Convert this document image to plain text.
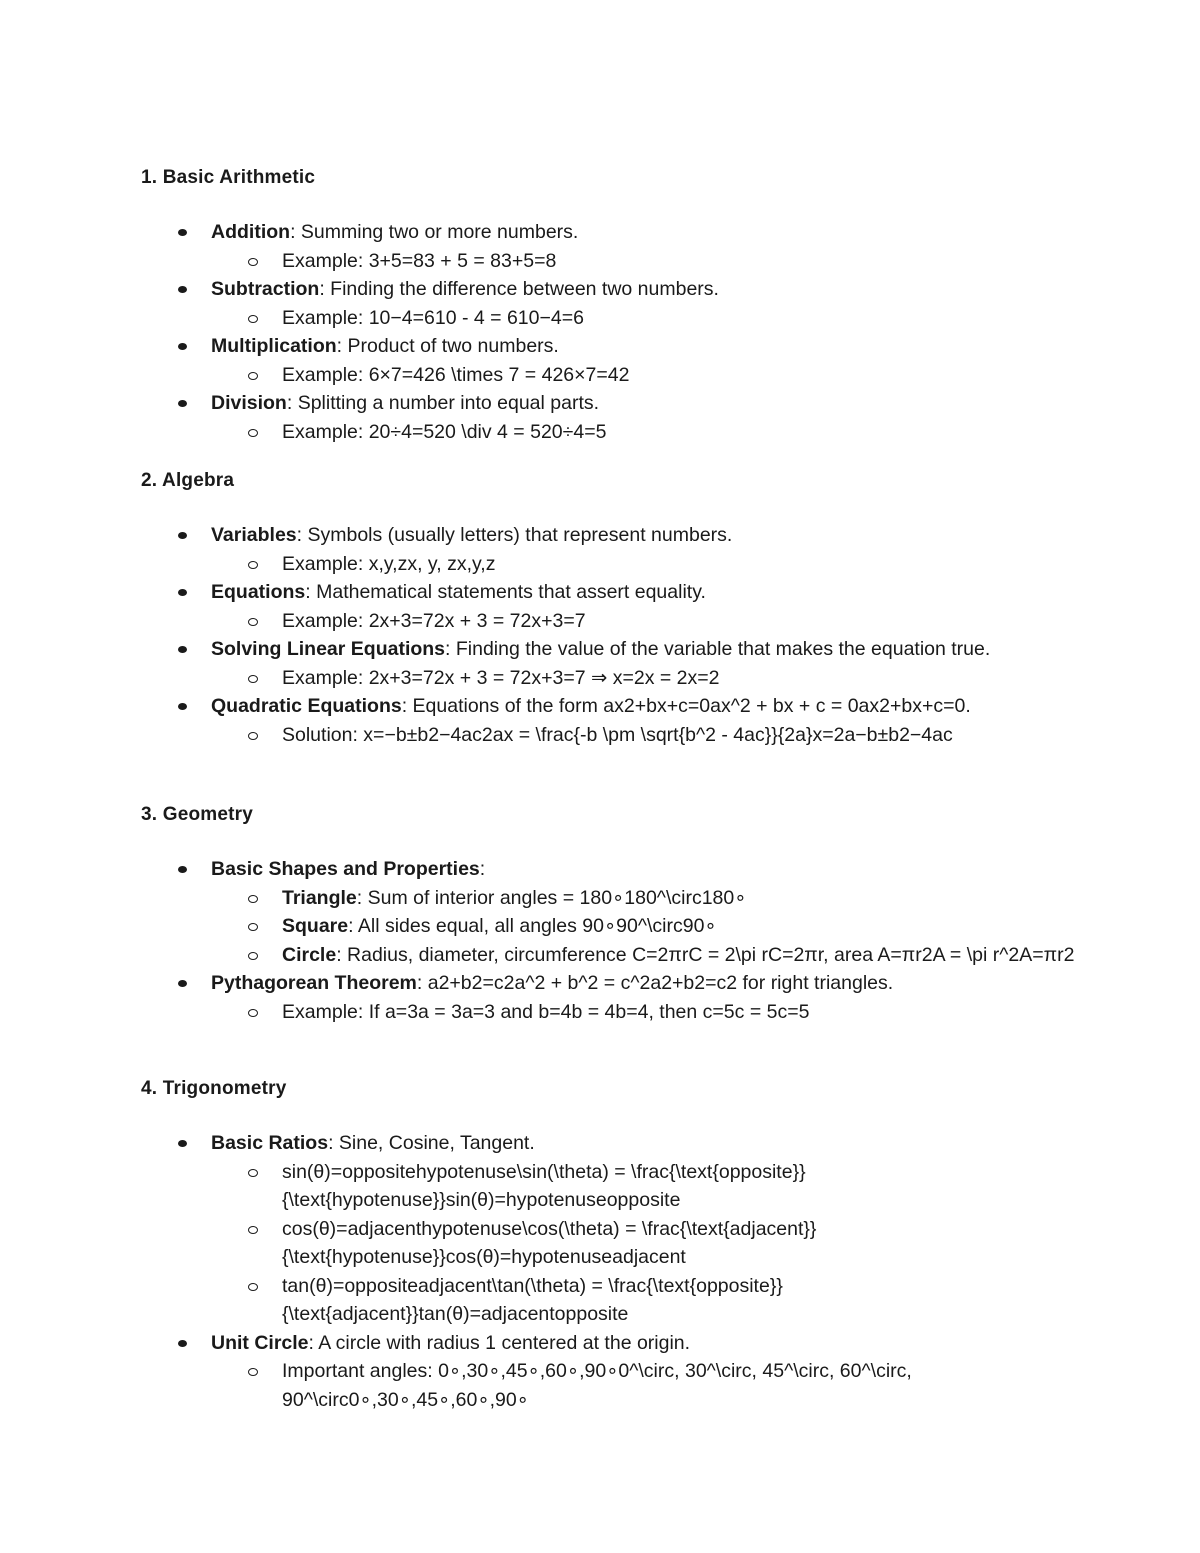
1. Basic Arithmetic
Addition: Summing two or more numbers.
Example: 3+5=83 + 5 = 83+5=8
Subtraction: Finding the difference between two numbers.
Example: 10−4=610 - 4 = 610−4=6
Multiplication: Product of two numbers.
Example: 6×7=426 \times 7 = 426×7=42
Division: Splitting a number into equal parts.
Example: 20÷4=520 \div 4 = 520÷4=5
2. Algebra
Variables: Symbols (usually letters) that represent numbers.
Example: x,y,zx, y, zx,y,z
Equations: Mathematical statements that assert equality.
Example: 2x+3=72x + 3 = 72x+3=7
Solving Linear Equations: Finding the value of the variable that makes the equation true.
Example: 2x+3=72x + 3 = 72x+3=7 ⇒ x=2x = 2x=2
Quadratic Equations: Equations of the form ax2+bx+c=0ax^2 + bx + c = 0ax2+bx+c=0.
Solution: x=−b±b2−4ac2ax = \frac{-b \pm \sqrt{b^2 - 4ac}}{2a}x=2a−b±b2−4ac
3. Geometry
Basic Shapes and Properties:
Triangle: Sum of interior angles = 180∘180^\circ180∘
Square: All sides equal, all angles 90∘90^\circ90∘
Circle: Radius, diameter, circumference C=2πrC = 2\pi rC=2πr, area A=πr2A = \pi r^2A=πr2
Pythagorean Theorem: a2+b2=c2a^2 + b^2 = c^2a2+b2=c2 for right triangles.
Example: If a=3a = 3a=3 and b=4b = 4b=4, then c=5c = 5c=5
4. Trigonometry
Basic Ratios: Sine, Cosine, Tangent.
sin(θ)=oppositehypotenuse\sin(\theta) = \frac{\text{opposite}}{\text{hypotenuse}}sin(θ)=hypotenuseopposite
cos(θ)=adjacenthypotenuse\cos(\theta) = \frac{\text{adjacent}}{\text{hypotenuse}}cos(θ)=hypotenuseadjacent
tan(θ)=oppositeadjacent\tan(\theta) = \frac{\text{opposite}}{\text{adjacent}}tan(θ)=adjacentopposite
Unit Circle: A circle with radius 1 centered at the origin.
Important angles: 0∘,30∘,45∘,60∘,90∘0^\circ, 30^\circ, 45^\circ, 60^\circ, 90^\circ0∘,30∘,45∘,60∘,90∘
